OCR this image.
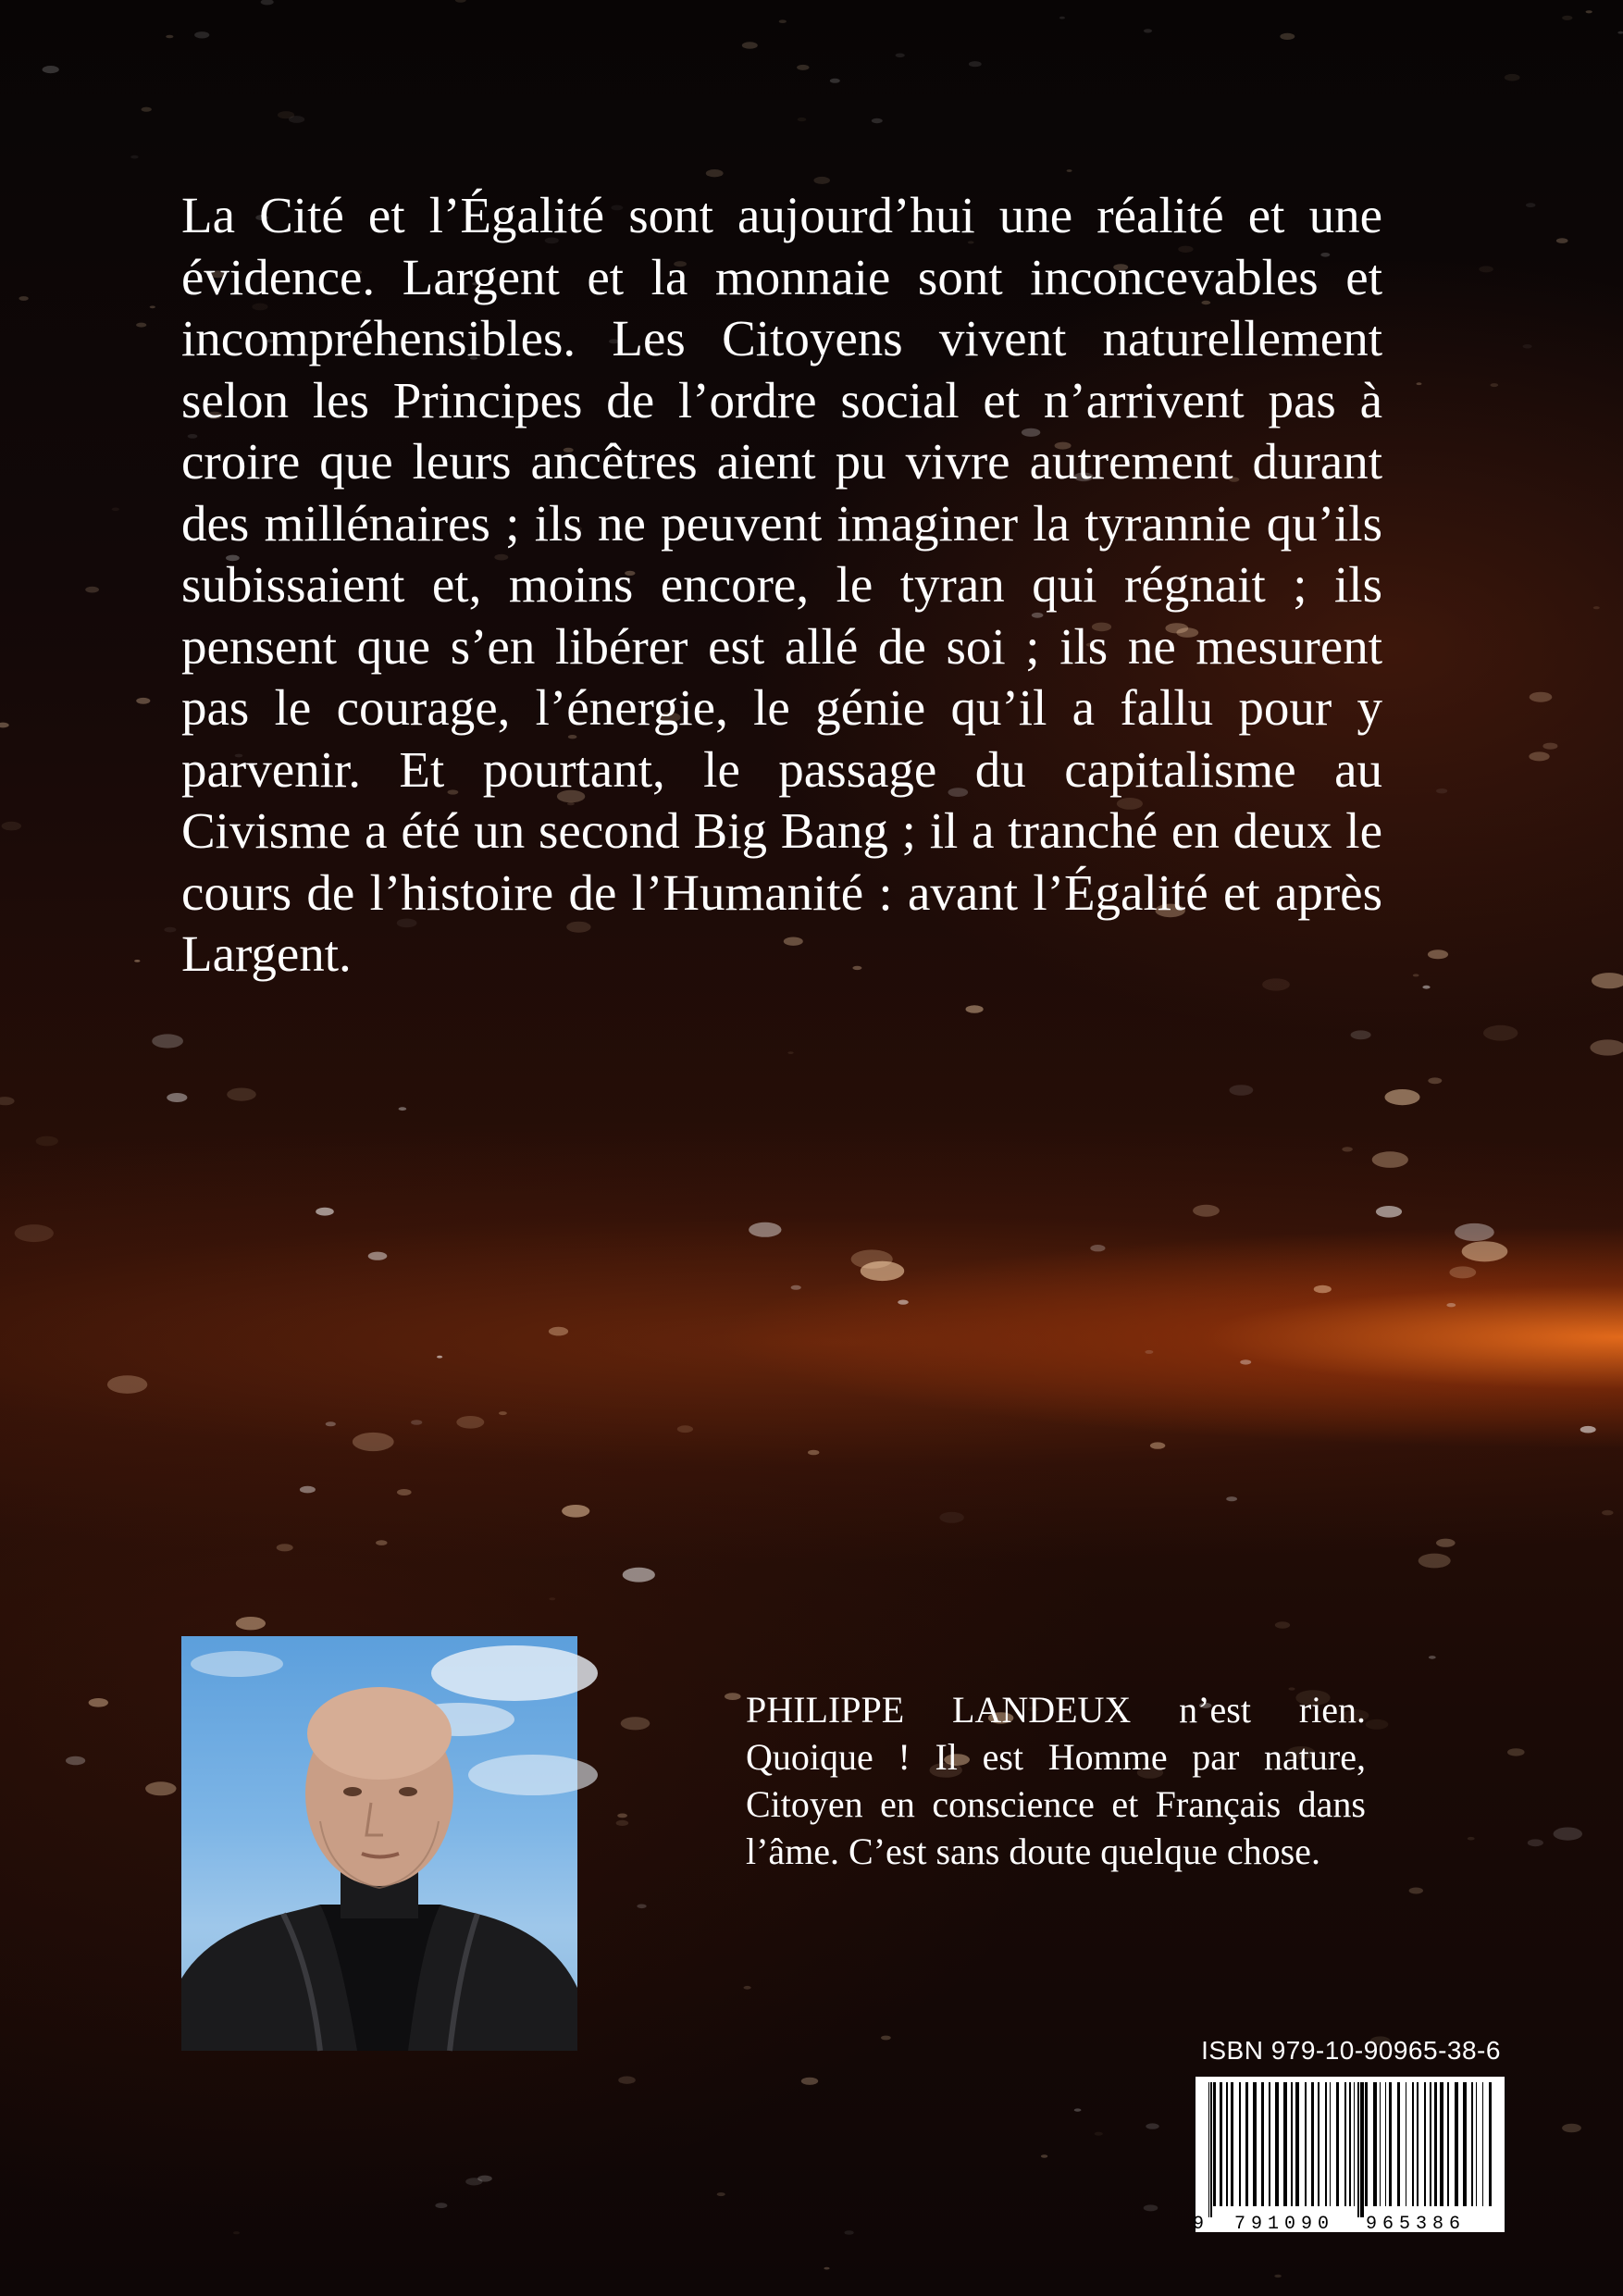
La Cité et l’Égalité sont aujourd’hui une réalité et une évidence. Largent et la monnaie sont inconcevables et incompréhensibles. Les Citoyens vivent naturellement selon les Principes de l’ordre social et n’arrivent pas à croire que leurs ancêtres aient pu vivre autrement durant des millénaires ; ils ne peuvent imaginer la tyrannie qu’ils subissaient et, moins encore, le tyran qui régnait ; ils pensent que s’en libérer est allé de soi ; ils ne mesurent pas le courage, l’énergie, le génie qu’il a fallu pour y parvenir. Et pourtant, le passage du capitalisme au Civisme a été un second Big Bang ; il a tranché en deux le cours de l’histoire de l’Humanité : avant l’Égalité et après Largent.

PHILIPPE LANDEUX n’est rien. Quoique ! Il est Homme par nature, Citoyen en conscience et Français dans l’âme. C’est sans doute quelque chose.

ISBN 979-10-90965-38-6
9 791090 965386
